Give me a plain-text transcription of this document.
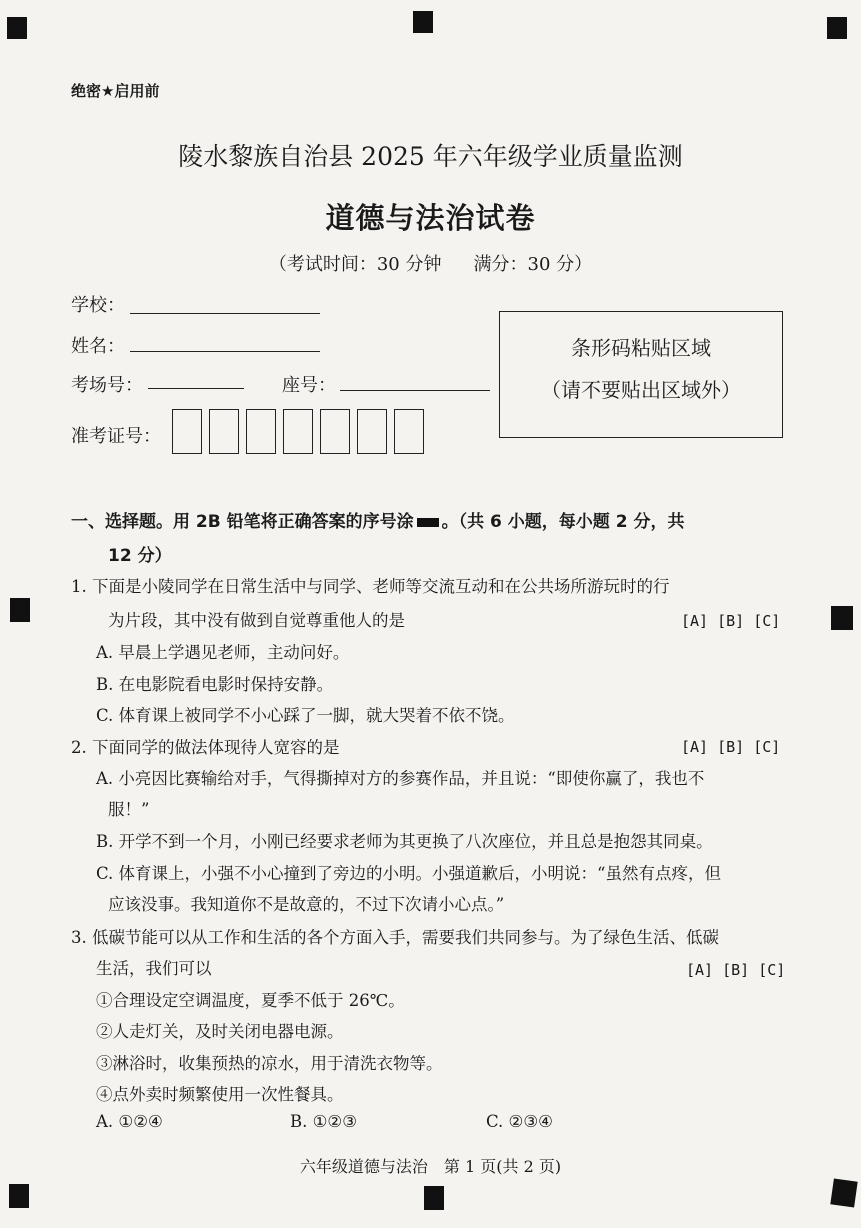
绝密★启用前
陵水黎族自治县 2025 年六年级学业质量监测
道德与法治试卷
（考试时间：30 分钟 满分：30 分）
学校：
姓名：
考场号：	座号：
准考证号：
条形码粘贴区域
（请不要贴出区域外）
一、选择题。用 2B 铅笔将正确答案的序号涂 。（共 6 小题，每小题 2 分，共
12 分）
1. 下面是小陵同学在日常生活中与同学、老师等交流互动和在公共场所游玩时的行
为片段，其中没有做到自觉尊重他人的是	[A] [B] [C]
A. 早晨上学遇见老师，主动问好。
B. 在电影院看电影时保持安静。
C. 体育课上被同学不小心踩了一脚，就大哭着不依不饶。
2. 下面同学的做法体现待人宽容的是	[A] [B] [C]
A. 小亮因比赛输给对手，气得撕掉对方的参赛作品，并且说：“即使你赢了，我也不
服！”
B. 开学不到一个月，小刚已经要求老师为其更换了八次座位，并且总是抱怨其同桌。
C. 体育课上，小强不小心撞到了旁边的小明。小强道歉后，小明说：“虽然有点疼，但
应该没事。我知道你不是故意的，不过下次请小心点。”
3. 低碳节能可以从工作和生活的各个方面入手，需要我们共同参与。为了绿色生活、低碳
生活，我们可以	[A] [B] [C]
①合理设定空调温度，夏季不低于 26℃。
②人走灯关，及时关闭电器电源。
③淋浴时，收集预热的凉水，用于清洗衣物等。
④点外卖时频繁使用一次性餐具。
A. ①②④	B. ①②③	C. ②③④
六年级道德与法治　第 1 页(共 2 页)
